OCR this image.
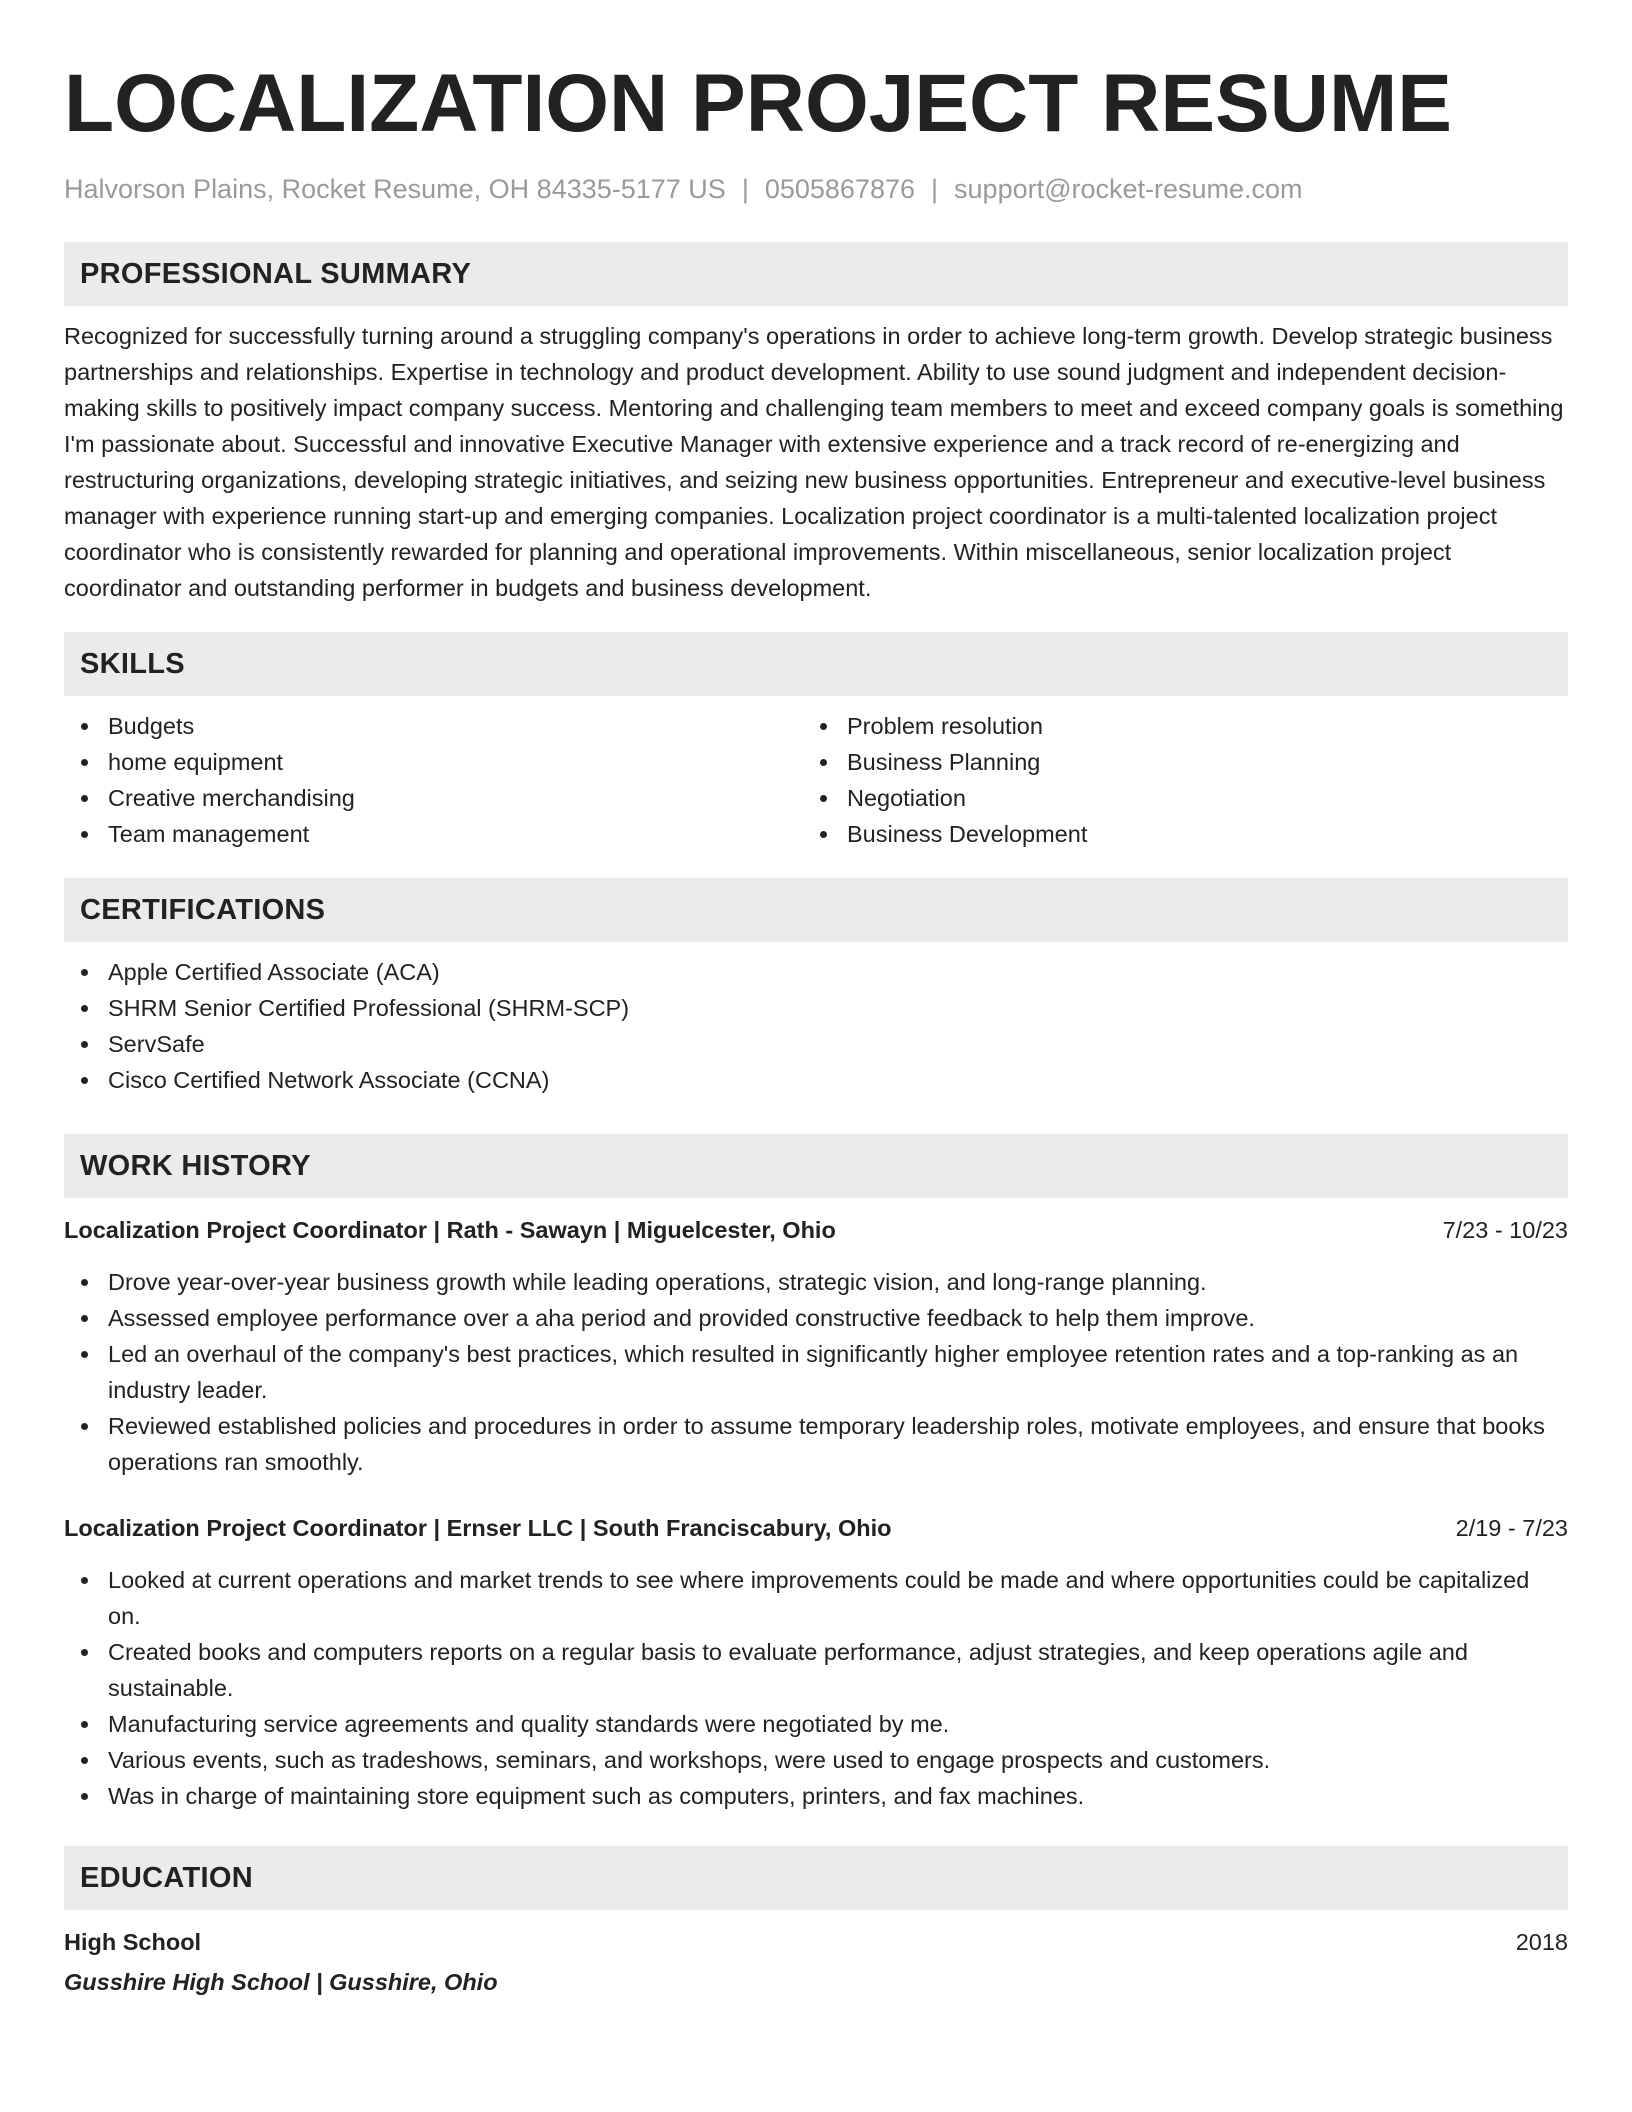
LOCALIZATION PROJECT RESUME
Halvorson Plains, Rocket Resume, OH 84335-5177 US | 0505867876 | support@rocket-resume.com
PROFESSIONAL SUMMARY
Recognized for successfully turning around a struggling company's operations in order to achieve long-term growth. Develop strategic business partnerships and relationships. Expertise in technology and product development. Ability to use sound judgment and independent decision-making skills to positively impact company success. Mentoring and challenging team members to meet and exceed company goals is something I'm passionate about. Successful and innovative Executive Manager with extensive experience and a track record of re-energizing and restructuring organizations, developing strategic initiatives, and seizing new business opportunities. Entrepreneur and executive-level business manager with experience running start-up and emerging companies. Localization project coordinator is a multi-talented localization project coordinator who is consistently rewarded for planning and operational improvements. Within miscellaneous, senior localization project coordinator and outstanding performer in budgets and business development.
SKILLS
Budgets
home equipment
Creative merchandising
Team management
Problem resolution
Business Planning
Negotiation
Business Development
CERTIFICATIONS
Apple Certified Associate (ACA)
SHRM Senior Certified Professional (SHRM-SCP)
ServSafe
Cisco Certified Network Associate (CCNA)
WORK HISTORY
Localization Project Coordinator | Rath - Sawayn | Miguelcester, Ohio	7/23 - 10/23
Drove year-over-year business growth while leading operations, strategic vision, and long-range planning.
Assessed employee performance over a aha period and provided constructive feedback to help them improve.
Led an overhaul of the company's best practices, which resulted in significantly higher employee retention rates and a top-ranking as an industry leader.
Reviewed established policies and procedures in order to assume temporary leadership roles, motivate employees, and ensure that books operations ran smoothly.
Localization Project Coordinator | Ernser LLC | South Franciscabury, Ohio	2/19 - 7/23
Looked at current operations and market trends to see where improvements could be made and where opportunities could be capitalized on.
Created books and computers reports on a regular basis to evaluate performance, adjust strategies, and keep operations agile and sustainable.
Manufacturing service agreements and quality standards were negotiated by me.
Various events, such as tradeshows, seminars, and workshops, were used to engage prospects and customers.
Was in charge of maintaining store equipment such as computers, printers, and fax machines.
EDUCATION
High School	2018
Gusshire High School | Gusshire, Ohio
